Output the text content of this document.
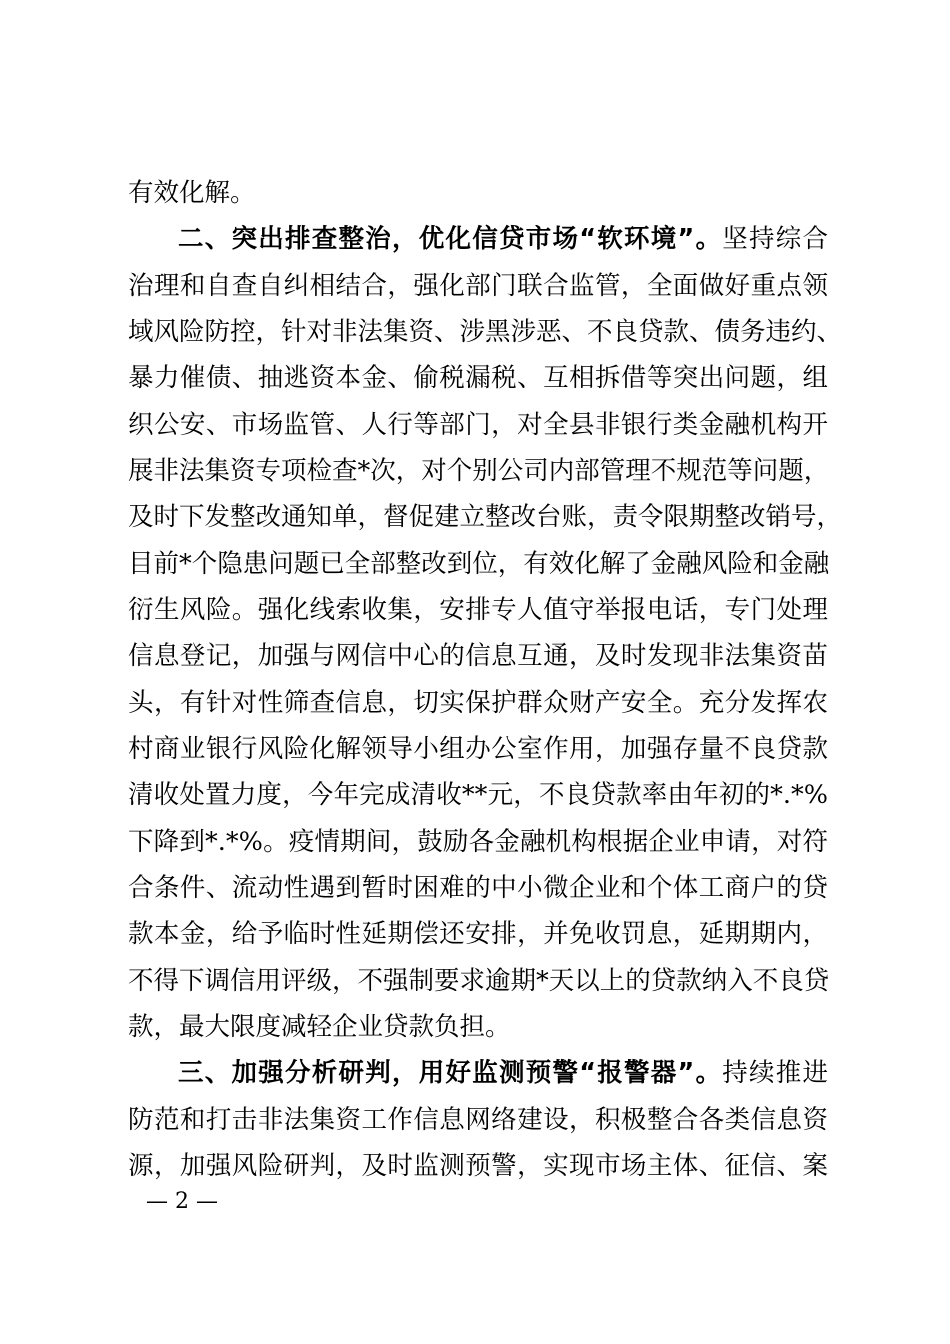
有效化解。
二、突出排查整治，优化信贷市场“软环境”。坚持综合
治理和自查自纠相结合，强化部门联合监管，全面做好重点领
域风险防控，针对非法集资、涉黑涉恶、不良贷款、债务违约、
暴力催债、抽逃资本金、偷税漏税、互相拆借等突出问题，组
织公安、市场监管、人行等部门，对全县非银行类金融机构开
展非法集资专项检查*次，对个别公司内部管理不规范等问题，
及时下发整改通知单，督促建立整改台账，责令限期整改销号，
目前*个隐患问题已全部整改到位，有效化解了金融风险和金融
衍生风险。强化线索收集，安排专人值守举报电话，专门处理
信息登记，加强与网信中心的信息互通，及时发现非法集资苗
头，有针对性筛查信息，切实保护群众财产安全。充分发挥农
村商业银行风险化解领导小组办公室作用，加强存量不良贷款
清收处置力度，今年完成清收**元，不良贷款率由年初的*.*%
下降到*.*%。疫情期间，鼓励各金融机构根据企业申请，对符
合条件、流动性遇到暂时困难的中小微企业和个体工商户的贷
款本金，给予临时性延期偿还安排，并免收罚息，延期期内，
不得下调信用评级，不强制要求逾期*天以上的贷款纳入不良贷
款，最大限度减轻企业贷款负担。
三、加强分析研判，用好监测预警“报警器”。持续推进
防范和打击非法集资工作信息网络建设，积极整合各类信息资
源，加强风险研判，及时监测预警，实现市场主体、征信、案
— 2 —
